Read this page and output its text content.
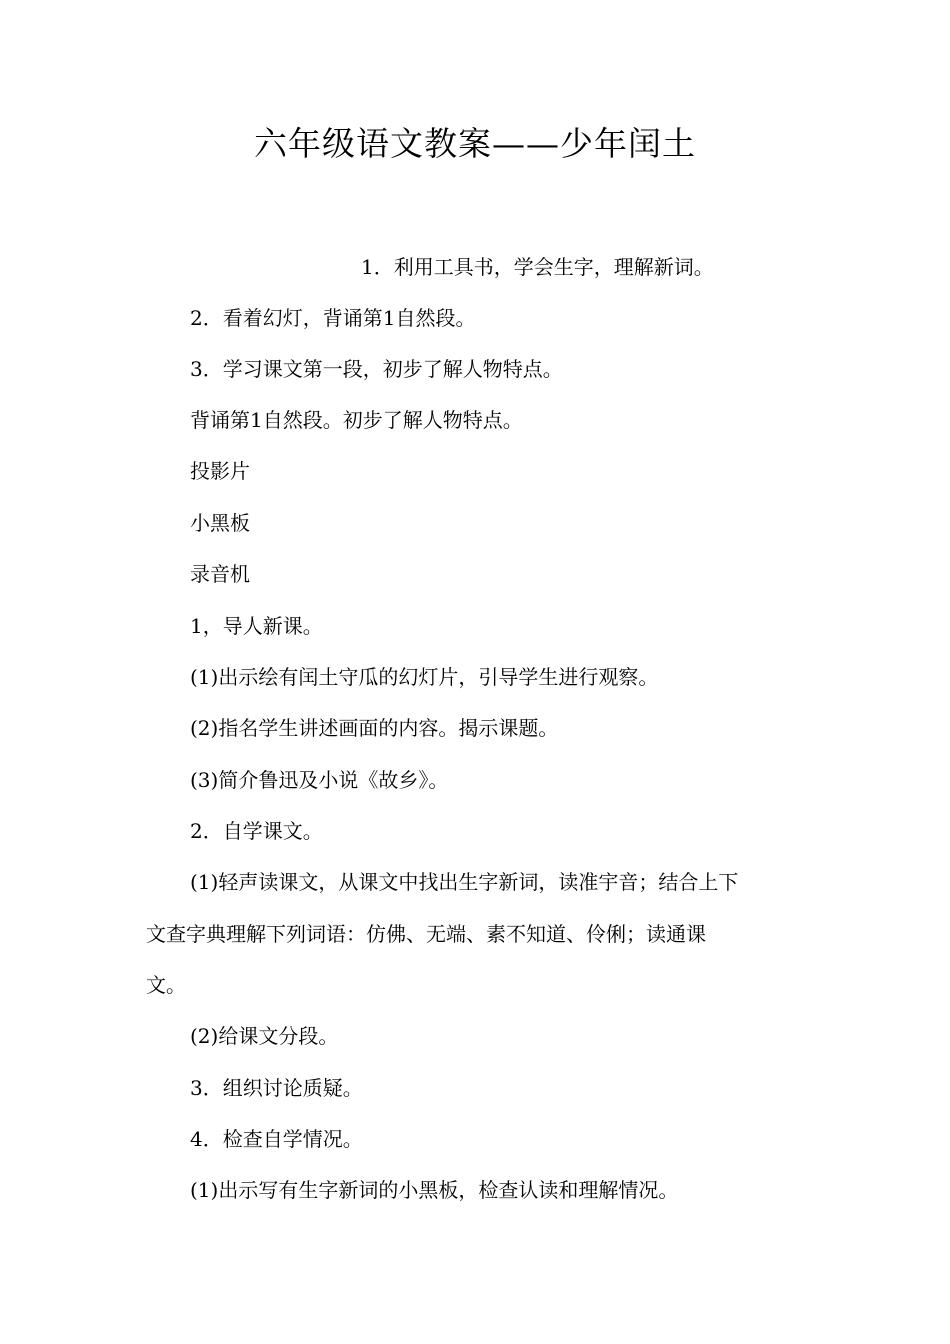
六年级语文教案——少年闰土
1．利用工具书，学会生字，理解新词。
2．看着幻灯，背诵第1自然段。
3．学习课文第一段，初步了解人物特点。
背诵第1自然段。初步了解人物特点。
投影片
小黑板
录音机
1，导人新课。
(1)出示绘有闰土守瓜的幻灯片，引导学生进行观察。
(2)指名学生讲述画面的内容。揭示课题。
(3)简介鲁迅及小说《故乡》。
2．自学课文。
(1)轻声读课文，从课文中找出生字新词，读准宇音；结合上下
文查字典理解下列词语：仿佛、无端、素不知道、伶俐；读通课
文。
(2)给课文分段。
3．组织讨论质疑。
4．检查自学情况。
(1)出示写有生字新词的小黑板，检查认读和理解情况。
